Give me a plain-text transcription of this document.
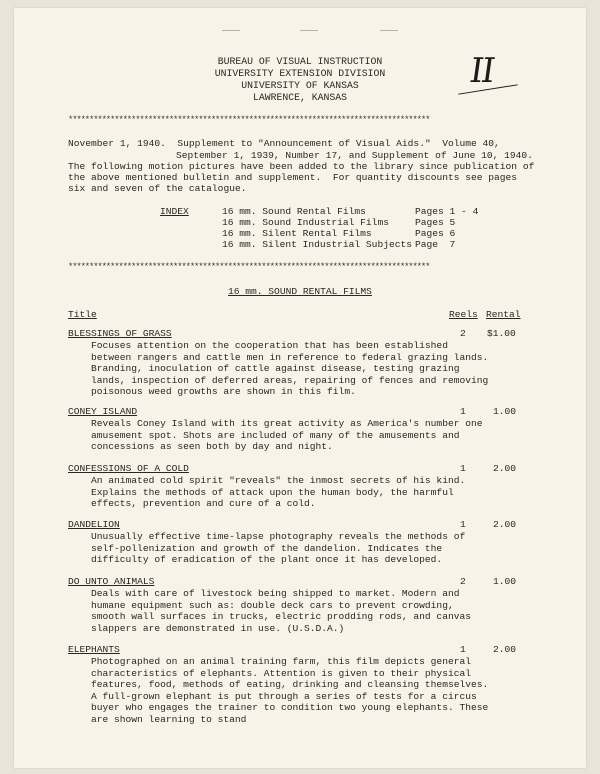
BUREAU OF VISUAL INSTRUCTION
UNIVERSITY EXTENSION DIVISION
UNIVERSITY OF KANSAS
LAWRENCE, KANSAS
II
**************************************************************************************
November 1, 1940.  Supplement to "Announcement of Visual Aids."  Volume 40,
September 1, 1939, Number 17, and Supplement of June 10, 1940.
The following motion pictures have been added to the library since publication of
the above mentioned bulletin and supplement.  For quantity discounts see pages
six and seven of the catalogue.
INDEX	16 mm. Sound Rental Films	Pages 1 - 4
16 mm. Sound Industrial Films	Pages 5
16 mm. Silent Rental Films	Pages 6
16 mm. Silent Industrial Subjects Page  7
**************************************************************************************
16 mm. SOUND RENTAL FILMS
Title	Reels Rental
BLESSINGS OF GRASS	2 $1.00
Focuses attention on the cooperation that has been established between rangers and cattle men in reference to federal grazing lands. Branding, inoculation of cattle against disease, testing grazing lands, inspection of deferred areas, repairing of fences and removing poisonous weed growths are shown in this film.
CONEY ISLAND	1	1.00
Reveals Coney Island with its great activity as America's number one amusement spot. Shots are included of many of the amusements and concessions as seen both by day and night.
CONFESSIONS OF A COLD	1	2.00
An animated cold spirit "reveals" the inmost secrets of his kind. Explains the methods of attack upon the human body, the harmful effects, prevention and cure of a cold.
DANDELION	1	2.00
Unusually effective time-lapse photography reveals the methods of self-pollenization and growth of the dandelion. Indicates the difficulty of eradication of the plant once it has developed.
DO UNTO ANIMALS	2	1.00
Deals with care of livestock being shipped to market. Modern and humane equipment such as: double deck cars to prevent crowding, smooth wall surfaces in trucks, electric prodding rods, and canvas slappers are demonstrated in use. (U.S.D.A.)
ELEPHANTS	1	2.00
Photographed on an animal training farm, this film depicts general characteristics of elephants. Attention is given to their physical features, food, methods of eating, drinking and cleansing themselves. A full-grown elephant is put through a series of tests for a circus buyer who engages the trainer to condition two young elephants. These are shown learning to stand
